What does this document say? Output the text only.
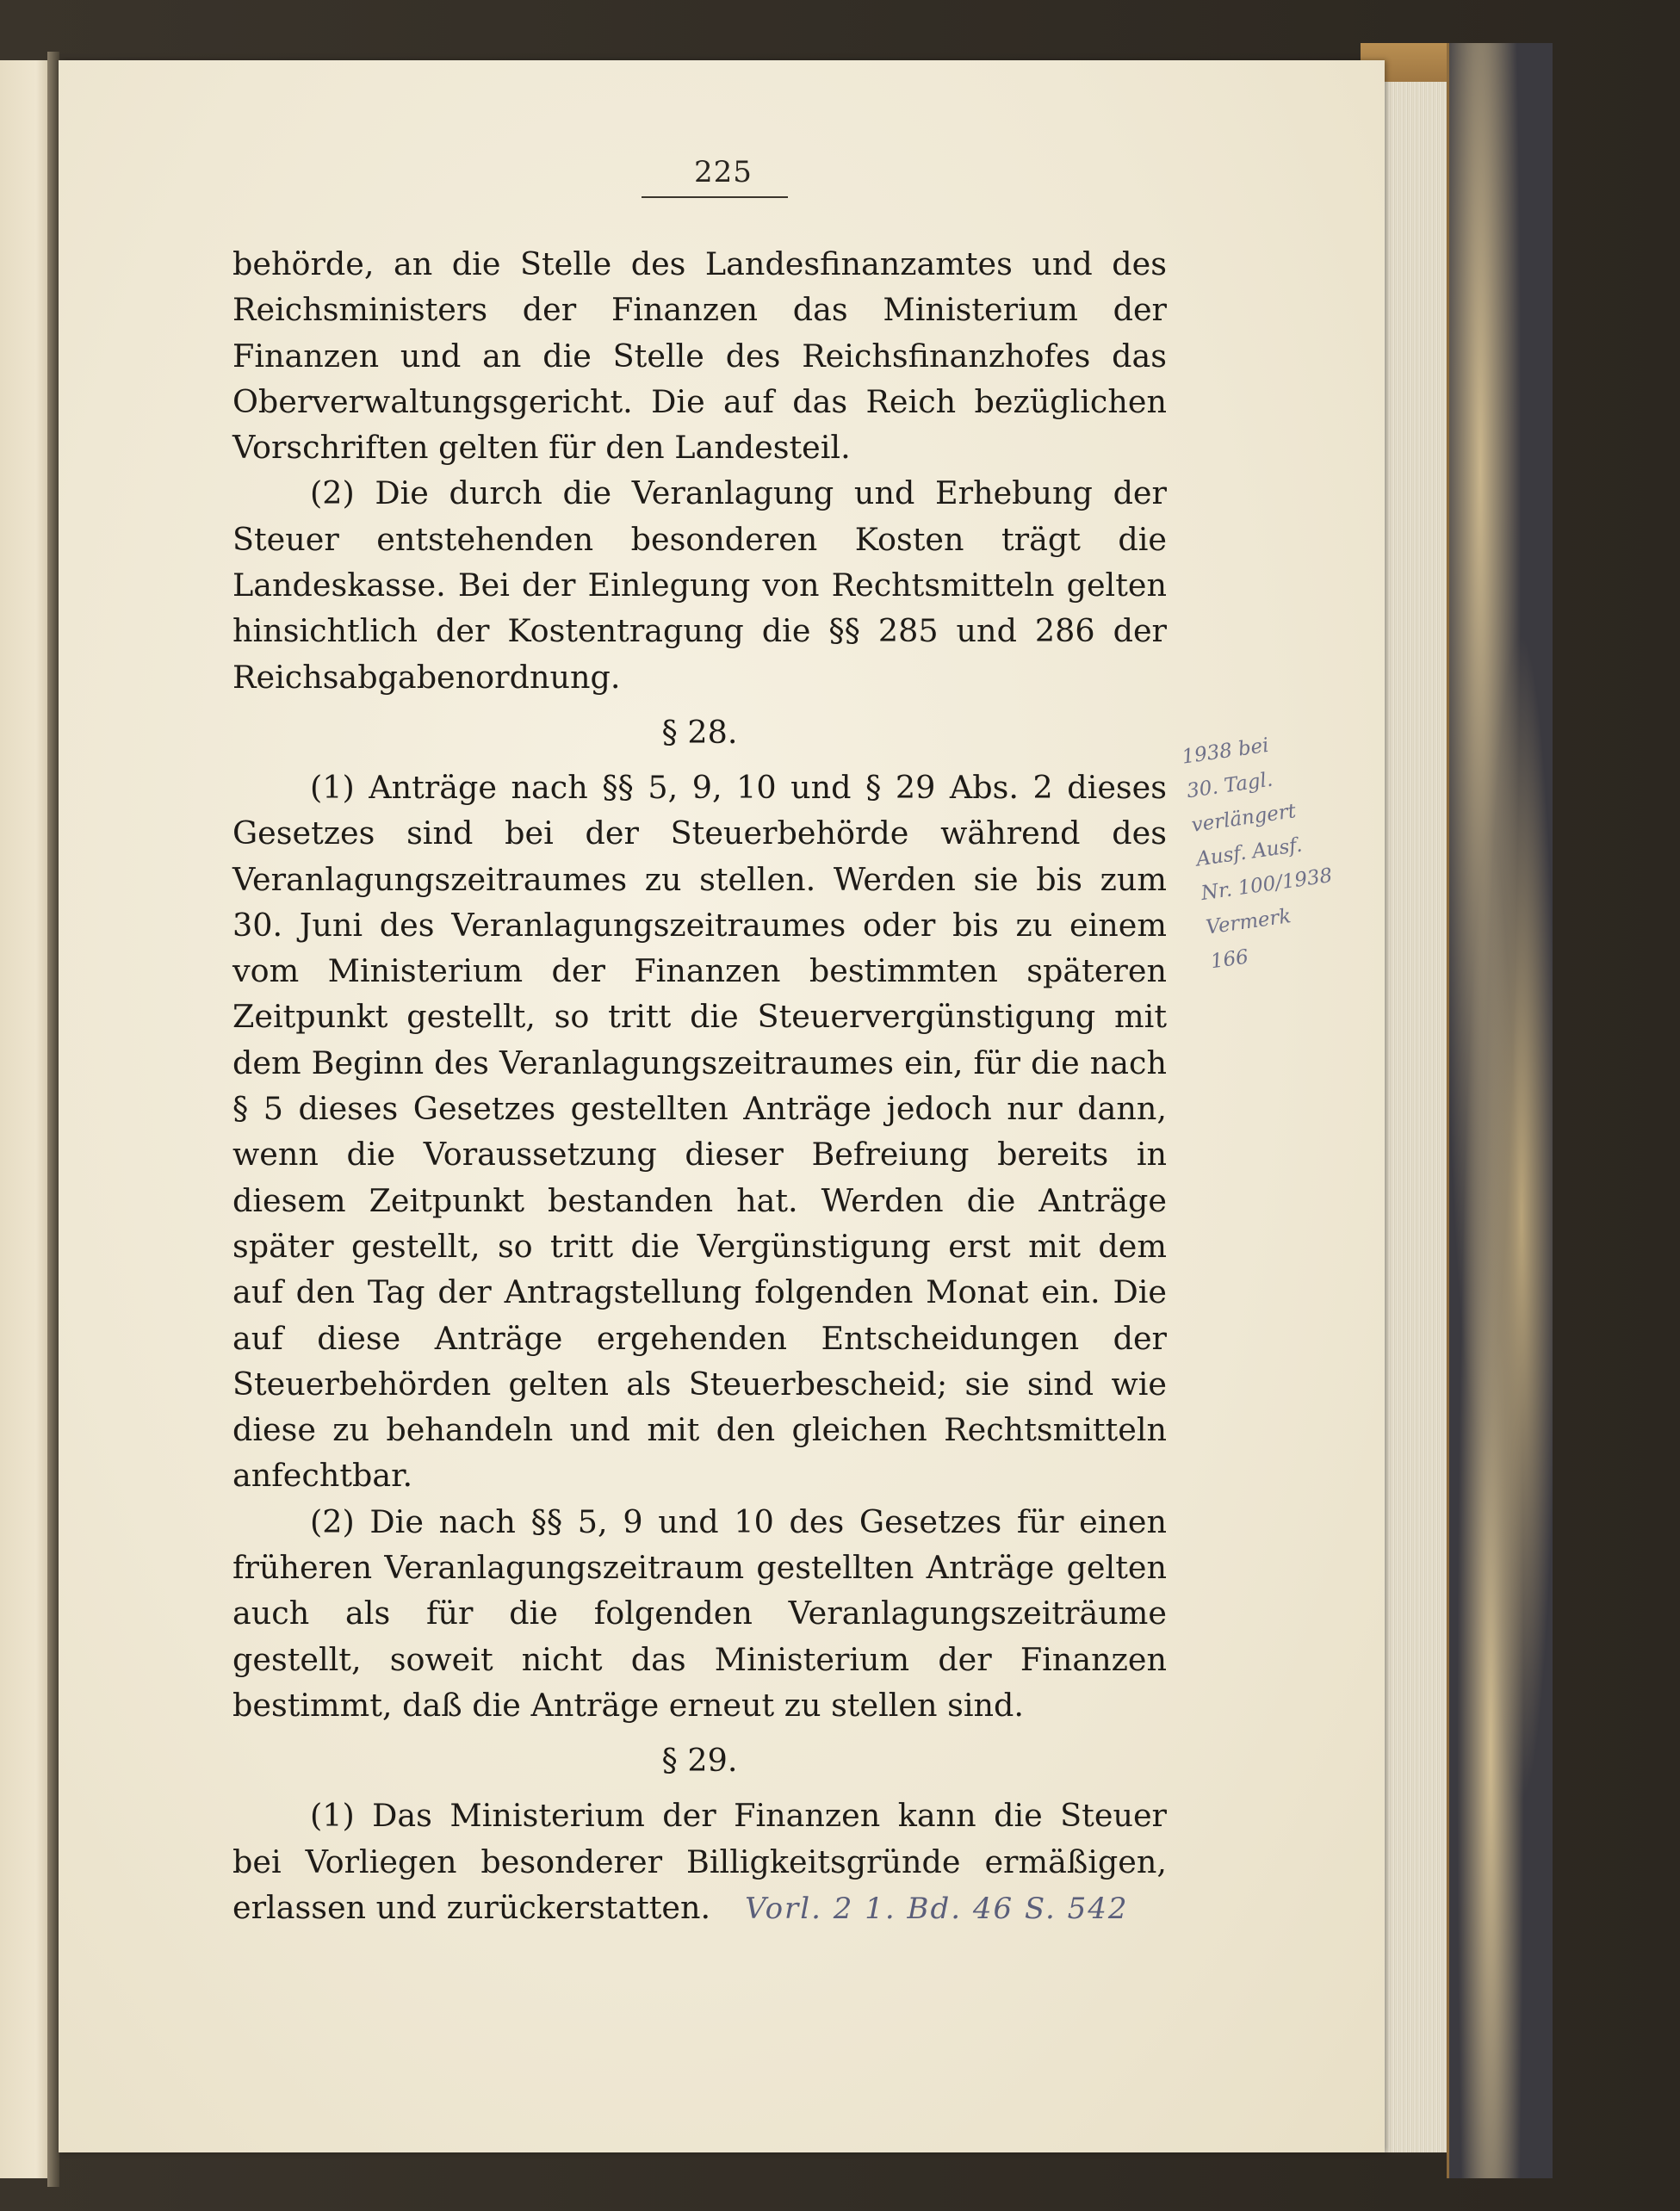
225

behörde, an die Stelle des Landesfinanzamtes und des Reichsministers der Finanzen das Ministerium der Finanzen und an die Stelle des Reichsfinanzhofes das Oberverwaltungsgericht. Die auf das Reich bezüglichen Vorschriften gelten für den Landesteil.

(2) Die durch die Veranlagung und Erhebung der Steuer entstehenden besonderen Kosten trägt die Landeskasse. Bei der Einlegung von Rechtsmitteln gelten hinsichtlich der Kostentragung die §§ 285 und 286 der Reichsabgabenordnung.

§ 28.

(1) Anträge nach §§ 5, 9, 10 und § 29 Abs. 2 dieses Gesetzes sind bei der Steuerbehörde während des Veranlagungszeitraumes zu stellen. Werden sie bis zum 30. Juni des Veranlagungszeitraumes oder bis zu einem vom Ministerium der Finanzen bestimmten späteren Zeitpunkt gestellt, so tritt die Steuervergünstigung mit dem Beginn des Veranlagungszeitraumes ein, für die nach § 5 dieses Gesetzes gestellten Anträge jedoch nur dann, wenn die Voraussetzung dieser Befreiung bereits in diesem Zeitpunkt bestanden hat. Werden die Anträge später gestellt, so tritt die Vergünstigung erst mit dem auf den Tag der Antragstellung folgenden Monat ein. Die auf diese Anträge ergehenden Entscheidungen der Steuerbehörden gelten als Steuerbescheid; sie sind wie diese zu behandeln und mit den gleichen Rechtsmitteln anfechtbar.

(2) Die nach §§ 5, 9 und 10 des Gesetzes für einen früheren Veranlagungszeitraum gestellten Anträge gelten auch als für die folgenden Veranlagungszeiträume gestellt, soweit nicht das Ministerium der Finanzen bestimmt, daß die Anträge erneut zu stellen sind.

§ 29.

(1) Das Ministerium der Finanzen kann die Steuer bei Vorliegen besonderer Billigkeitsgründe ermäßigen, erlassen und zurückerstatten. Vorl. 2 1. Bd. 46 S. 542

1938 bei
30. Tagl.
verlängert
Ausf. Ausf.
Nr. 100/1938
Vermerk
166
